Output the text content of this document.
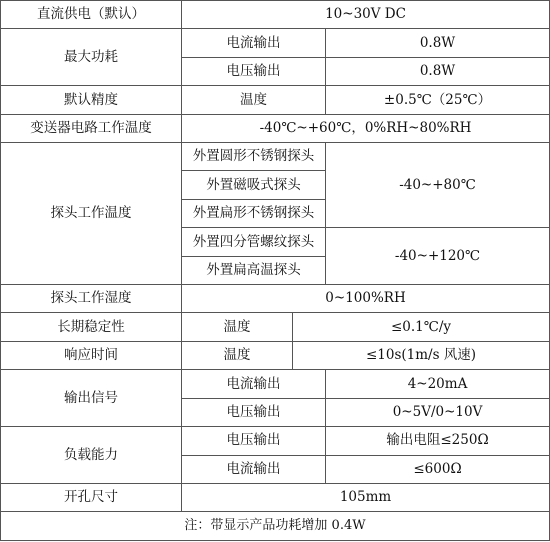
直流供电（默认）	10~30V DC		
最大功耗	电流输出		0.8W
	电压输出		0.8W
默认精度	温度		±0.5℃（25℃）
变送器电路工作温度	-40℃~+60℃，0%RH~80%RH		
探头工作温度	外置圆形不锈钢探头		-40~+80℃
	外置磁吸式探头		
	外置扁形不锈钢探头		
	外置四分管螺纹探头		-40~+120℃
	外置扁高温探头		
探头工作湿度	0~100%RH		
长期稳定性	温度	≤0.1℃/y	
响应时间	温度	≤10s(1m/s 风速)	
输出信号	电流输出		4~20mA
	电压输出		0~5V/0~10V
负载能力	电压输出		输出电阻≤250Ω
	电流输出		≤600Ω
开孔尺寸	105mm		
注：带显示产品功耗增加 0.4W			
